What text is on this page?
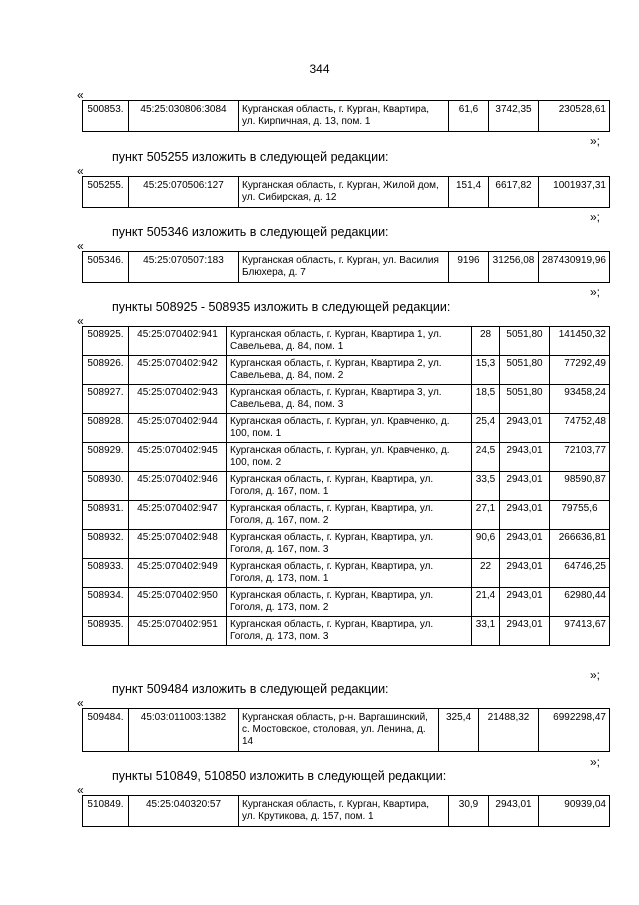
344
«
500853.	45:25:030806:3084	Курганская область, г. Курган, Квартира, ул. Кирпичная, д. 13, пом. 1	61,6	3742,35	230528,61
»;
пункт 505255 изложить в следующей редакции:
«
505255.	45:25:070506:127	Курганская область, г. Курган, Жилой дом, ул. Сибирская, д. 12	151,4	6617,82	1001937,31
»;
пункт 505346 изложить в следующей редакции:
«
505346.	45:25:070507:183	Курганская область, г. Курган, ул. Василия Блюхера, д. 7	9196	31256,08	287430919,96
»;
пункты 508925 - 508935 изложить в следующей редакции:
«
508925.	45:25:070402:941	Курганская область, г. Курган, Квартира 1, ул. Савельева, д. 84, пом. 1	28	5051,80	141450,32
508926.	45:25:070402:942	Курганская область, г. Курган, Квартира 2, ул. Савельева, д. 84, пом. 2	15,3	5051,80	77292,49
508927.	45:25:070402:943	Курганская область, г. Курган, Квартира 3, ул. Савельева, д. 84, пом. 3	18,5	5051,80	93458,24
508928.	45:25:070402:944	Курганская область, г. Курган, ул. Кравченко, д. 100, пом. 1	25,4	2943,01	74752,48
508929.	45:25:070402:945	Курганская область, г. Курган, ул. Кравченко, д. 100, пом. 2	24,5	2943,01	72103,77
508930.	45:25:070402:946	Курганская область, г. Курган, Квартира, ул. Гоголя, д. 167, пом. 1	33,5	2943,01	98590,87
508931.	45:25:070402:947	Курганская область, г. Курган, Квартира, ул. Гоголя, д. 167, пом. 2	27,1	2943,01	79755,6
508932.	45:25:070402:948	Курганская область, г. Курган, Квартира, ул. Гоголя, д. 167, пом. 3	90,6	2943,01	266636,81
508933.	45:25:070402:949	Курганская область, г. Курган, Квартира, ул. Гоголя, д. 173, пом. 1	22	2943,01	64746,25
508934.	45:25:070402:950	Курганская область, г. Курган, Квартира, ул. Гоголя, д. 173, пом. 2	21,4	2943,01	62980,44
508935.	45:25:070402:951	Курганская область, г. Курган, Квартира, ул. Гоголя, д. 173, пом. 3	33,1	2943,01	97413,67
»;
пункт 509484 изложить в следующей редакции:
«
509484.	45:03:011003:1382	Курганская область, р-н. Варгашинский, с. Мостовское, столовая, ул. Ленина, д. 14	325,4	21488,32	6992298,47
»;
пункты 510849, 510850 изложить в следующей редакции:
«
510849.	45:25:040320:57	Курганская область, г. Курган, Квартира, ул. Крутикова, д. 157, пом. 1	30,9	2943,01	90939,04
